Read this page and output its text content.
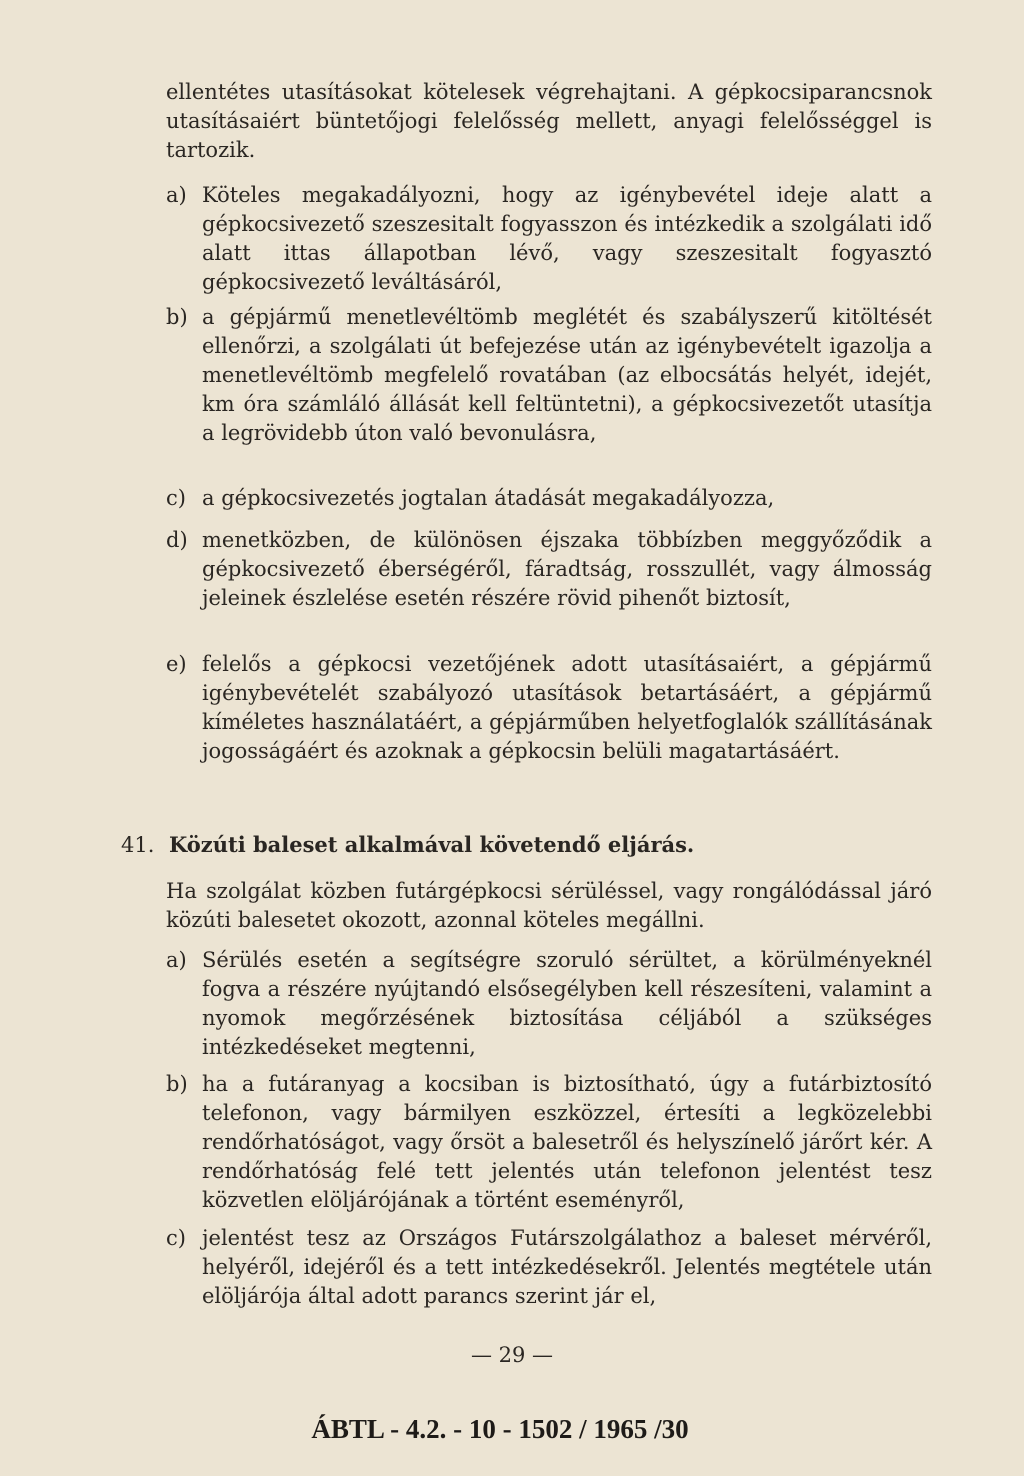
ellentétes utasításokat kötelesek végrehajtani. A gépkocsiparancsnok utasításaiért büntetőjogi felelősség mellett, anyagi felelősséggel is tartozik.

a) Köteles megakadályozni, hogy az igénybevétel ideje alatt a gépkocsivezető szeszesitalt fogyasszon és intézkedik a szolgálati idő alatt ittas állapotban lévő, vagy szeszesitalt fogyasztó gépkocsivezető leváltásáról,
b) a gépjármű menetlevéltömb meglétét és szabályszerű kitöltését ellenőrzi, a szolgálati út befejezése után az igénybevételt igazolja a menetlevéltömb megfelelő rovatában (az elbocsátás helyét, idejét, km óra számláló állását kell feltüntetni), a gépkocsivezetőt utasítja a legrövidebb úton való bevonulásra,
c) a gépkocsivezetés jogtalan átadását megakadályozza,
d) menetközben, de különösen éjszaka többízben meggyőződik a gépkocsivezető éberségéről, fáradtság, rosszullét, vagy álmosság jeleinek észlelése esetén részére rövid pihenőt biztosít,
e) felelős a gépkocsi vezetőjének adott utasításaiért, a gépjármű igénybevételét szabályozó utasítások betartásáért, a gépjármű kíméletes használatáért, a gépjárműben helyetfoglalók szállításának jogosságáért és azoknak a gépkocsin belüli magatartásáért.
41. Közúti baleset alkalmával követendő eljárás.

Ha szolgálat közben futárgépkocsi sérüléssel, vagy rongálódással járó közúti balesetet okozott, azonnal köteles megállni.

a) Sérülés esetén a segítségre szoruló sérültet, a körülményeknél fogva a részére nyújtandó elsősegélyben kell részesíteni, valamint a nyomok megőrzésének biztosítása céljából a szükséges intézkedéseket megtenni,
b) ha a futáranyag a kocsiban is biztosítható, úgy a futárbiztosító telefonon, vagy bármilyen eszközzel, értesíti a legközelebbi rendőrhatóságot, vagy őrsöt a balesetről és helyszínelő járőrt kér. A rendőrhatóság felé tett jelentés után telefonon jelentést tesz közvetlen elöljárójának a történt eseményről,
c) jelentést tesz az Országos Futárszolgálathoz a baleset mérvéről, helyéről, idejéről és a tett intézkedésekről. Jelentés megtétele után elöljárója által adott parancs szerint jár el,
— 29 —
ÁBTL - 4.2. - 10 - 1502 / 1965 /30
